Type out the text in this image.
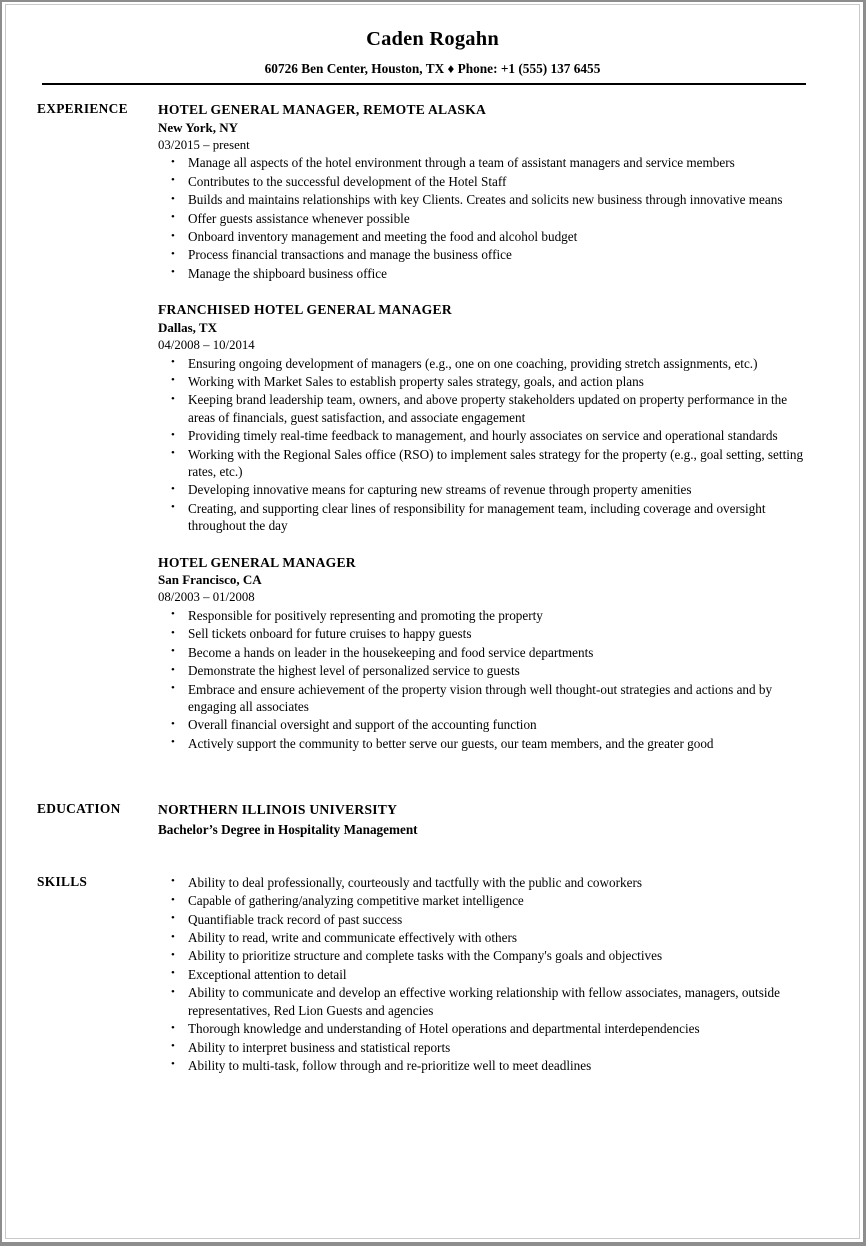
Caden Rogahn
60726 Ben Center, Houston, TX ♦ Phone: +1 (555) 137 6455
EXPERIENCE	HOTEL GENERAL MANAGER, REMOTE ALASKA
New York, NY
03/2015 – present
• Manage all aspects of the hotel environment through a team of assistant managers and service members
• Contributes to the successful development of the Hotel Staff
• Builds and maintains relationships with key Clients. Creates and solicits new business through innovative means
• Offer guests assistance whenever possible
• Onboard inventory management and meeting the food and alcohol budget
• Process financial transactions and manage the business office
• Manage the shipboard business office
FRANCHISED HOTEL GENERAL MANAGER
Dallas, TX
04/2008 – 10/2014
• Ensuring ongoing development of managers (e.g., one on one coaching, providing stretch assignments, etc.)
• Working with Market Sales to establish property sales strategy, goals, and action plans
• Keeping brand leadership team, owners, and above property stakeholders updated on property performance in the areas of financials, guest satisfaction, and associate engagement
• Providing timely real-time feedback to management, and hourly associates on service and operational standards
• Working with the Regional Sales office (RSO) to implement sales strategy for the property (e.g., goal setting, setting rates, etc.)
• Developing innovative means for capturing new streams of revenue through property amenities
• Creating, and supporting clear lines of responsibility for management team, including coverage and oversight throughout the day
HOTEL GENERAL MANAGER
San Francisco, CA
08/2003 – 01/2008
• Responsible for positively representing and promoting the property
• Sell tickets onboard for future cruises to happy guests
• Become a hands on leader in the housekeeping and food service departments
• Demonstrate the highest level of personalized service to guests
• Embrace and ensure achievement of the property vision through well thought-out strategies and actions and by engaging all associates
• Overall financial oversight and support of the accounting function
• Actively support the community to better serve our guests, our team members, and the greater good
EDUCATION	NORTHERN ILLINOIS UNIVERSITY
Bachelor’s Degree in Hospitality Management
SKILLS	• Ability to deal professionally, courteously and tactfully with the public and coworkers
• Capable of gathering/analyzing competitive market intelligence
• Quantifiable track record of past success
• Ability to read, write and communicate effectively with others
• Ability to prioritize structure and complete tasks with the Company's goals and objectives
• Exceptional attention to detail
• Ability to communicate and develop an effective working relationship with fellow associates, managers, outside representatives, Red Lion Guests and agencies
• Thorough knowledge and understanding of Hotel operations and departmental interdependencies
• Ability to interpret business and statistical reports
• Ability to multi-task, follow through and re-prioritize well to meet deadlines
